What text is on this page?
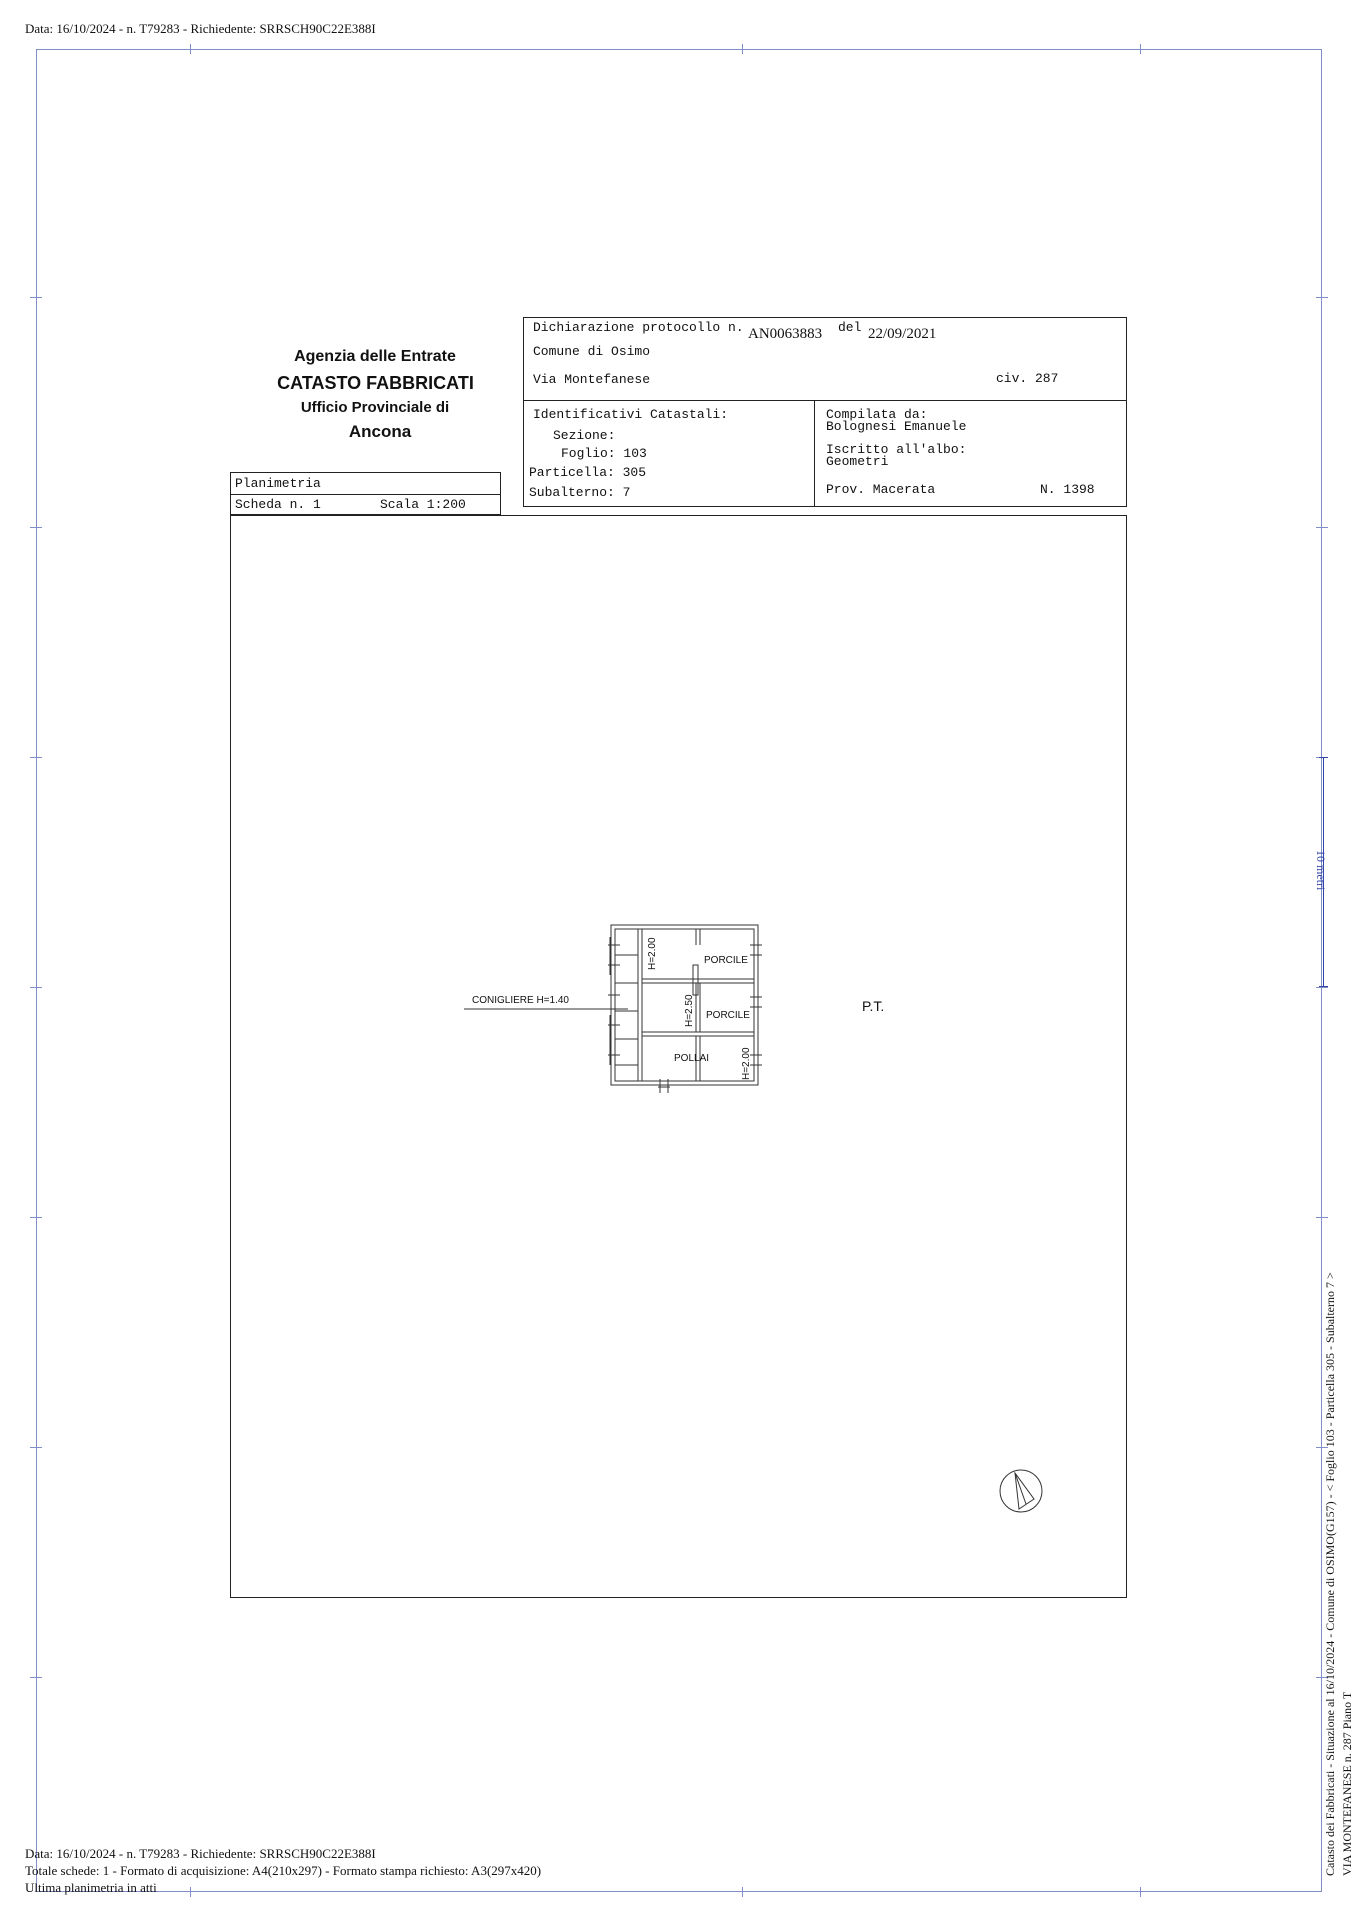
Data: 16/10/2024 - n. T79283 - Richiedente: SRRSCH90C22E388I
Agenzia delle Entrate
CATASTO FABBRICATI
Ufficio Provinciale di
Ancona
Dichiarazione protocollo n. AN0063883 del 22/09/2021
Comune di Osimo
Via Montefanese	civ. 287
Identificativi Catastali:
Sezione:
Foglio: 103
Particella: 305
Subalterno: 7
Compilata da:
Bolognesi Emanuele
Iscritto all'albo:
Geometri
Prov. Macerata	N. 1398
Planimetria
Scheda n. 1	Scala 1:200
CONIGLIERE H=1.40
PORCILE
PORCILE
POLLAI
H=2.00
H=2.50
H=2.00
P.T.
10 metri
Catasto dei Fabbricati - Situazione al 16/10/2024 - Comune di OSIMO(G157) - < Foglio 103 - Particella 305 - Subalterno 7 > VIA MONTEFANESE n. 287 Piano T
Data: 16/10/2024 - n. T79283 - Richiedente: SRRSCH90C22E388I
Totale schede: 1 - Formato di acquisizione: A4(210x297) - Formato stampa richiesto: A3(297x420)
Ultima planimetria in atti
